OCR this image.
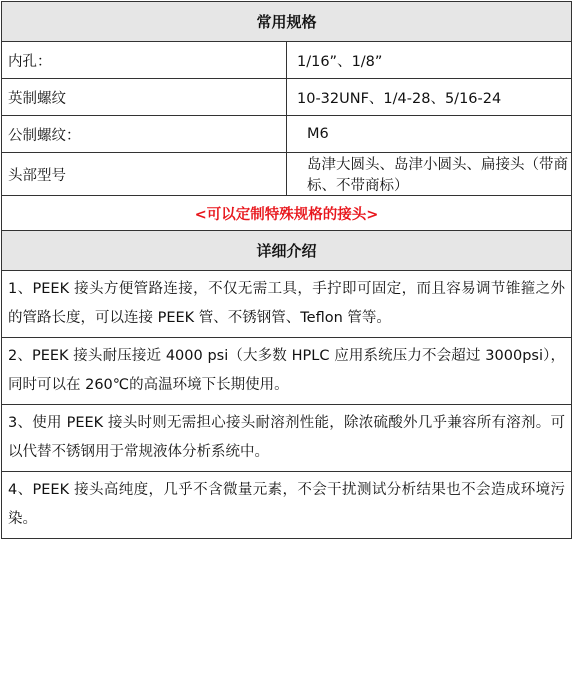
常用规格	
内孔：	1/16”、1/8”
英制螺纹	10-32UNF、1/4-28、5/16-24
公制螺纹：	M6
头部型号	岛津大圆头、岛津小圆头、扁接头（带商标、不带商标）
<可以定制特殊规格的接头>	
详细介绍	
1、PEEK 接头方便管路连接，不仅无需工具，手拧即可固定，而且容易调节锥箍之外的管路长度，可以连接 PEEK 管、不锈钢管、Teflon 管等。	
2、PEEK 接头耐压接近 4000 psi（大多数 HPLC 应用系统压力不会超过 3000psi），同时可以在 260℃的高温环境下长期使用。	
3、使用 PEEK 接头时则无需担心接头耐溶剂性能，除浓硫酸外几乎兼容所有溶剂。可以代替不锈钢用于常规液体分析系统中。	
4、PEEK 接头高纯度，几乎不含微量元素，不会干扰测试分析结果也不会造成环境污染。	
